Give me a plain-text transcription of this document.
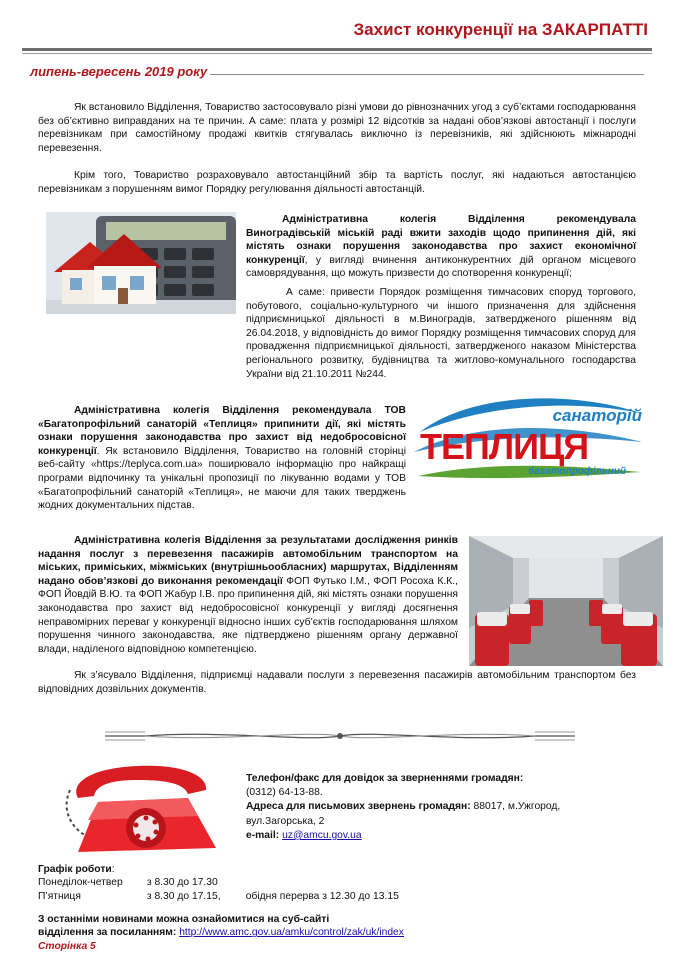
Захист конкуренції на ЗАКАРПАТТІ
липень-вересень 2019 року

Як встановило Відділення, Товариство застосовувало різні умови до рівнозначних угод з суб’єктами господарювання без об’єктивно виправданих на те причин. А саме: плата у розмірі 12 відсотків за надані обов’язкові автостанції і послуги перевізникам при самостійному продажі квитків стягувалась виключно із перевізників, які здійснюють міжнародні перевезення.

Крім того, Товариство розраховувало автостанційний збір та вартість послуг, які надаються автостанцією перевізникам з порушенням вимог Порядку регулювання діяльності автостанцій.

Адміністративна колегія Відділення рекомендувала Виноградівській міській раді вжити заходів щодо припинення дій, які містять ознаки порушення законодавства про захист економічної конкуренції, у вигляді вчинення антиконкурентних дій органом місцевого самоврядування, що можуть призвести до спотворення конкуренції;

А саме: привести Порядок розміщення тимчасових споруд торгового, побутового, соціально-культурного чи іншого призначення для здійснення підприємницької діяльності в м.Виноградів, затвердженого рішенням від 26.04.2018, у відповідність до вимог Порядку розміщення тимчасових споруд для провадження підприємницької діяльності, затвердженого наказом Міністерства регіонального розвитку, будівництва та житлово-комунального господарства України від 21.10.2011 №244.

Адміністративна колегія Відділення рекомендувала ТОВ «Багатопрофільний санаторій «Теплиця» припинити дії, які містять ознаки порушення законодавства про захист від недобросовісної конкуренції. Як встановило Відділення, Товариство на головній сторінці веб-сайту «https://teplyca.com.ua» поширювало інформацію про найкращі програми відпочинку та унікальні пропозиції по лікуванню водами у ТОВ «Багатопрофільний санаторій «Теплиця», не маючи для таких тверджень жодних документальних підстав.

санаторій
ТЕПЛИЦЯ
багатопрофільний

Адміністративна колегія Відділення за результатами дослідження ринків надання послуг з перевезення пасажирів автомобільним транспортом на міських, приміських, міжміських (внутрішньообласних) маршрутах, Відділенням надано обов’язкові до виконання рекомендації ФОП Футько І.М., ФОП Росоха К.К., ФОП Йовдій В.Ю. та ФОП Жабур І.В. про припинення дій, які містять ознаки порушення законодавства про захист від недобросовісної конкуренції у вигляді досягнення неправомірних переваг у конкуренції відносно інших суб’єктів господарювання шляхом порушення чинного законодавства, яке підтверджено рішенням органу державної влади, наділеного відповідною компетенцією.

Як з’ясувало Відділення, підприємці надавали послуги з перевезення пасажирів автомобільним транспортом без відповідних дозвільних документів.

Телефон/факс для довідок за зверненнями громадян:
(0312) 64-13-88.
Адреса для письмових звернень громадян: 88017, м.Ужгород, вул.Загорська, 2
e-mail: uz@amcu.gov.ua
Графік роботи:
Понеділок-четвер з 8.30 до 17.30
П’ятниця	з 8.30 до 17.15, обідня перерва з 12.30 до 13.15
З останніми новинами можна ознайомитися на суб-сайті
відділення за посиланням: http://www.amc.gov.ua/amku/control/zak/uk/index
Сторінка 5
